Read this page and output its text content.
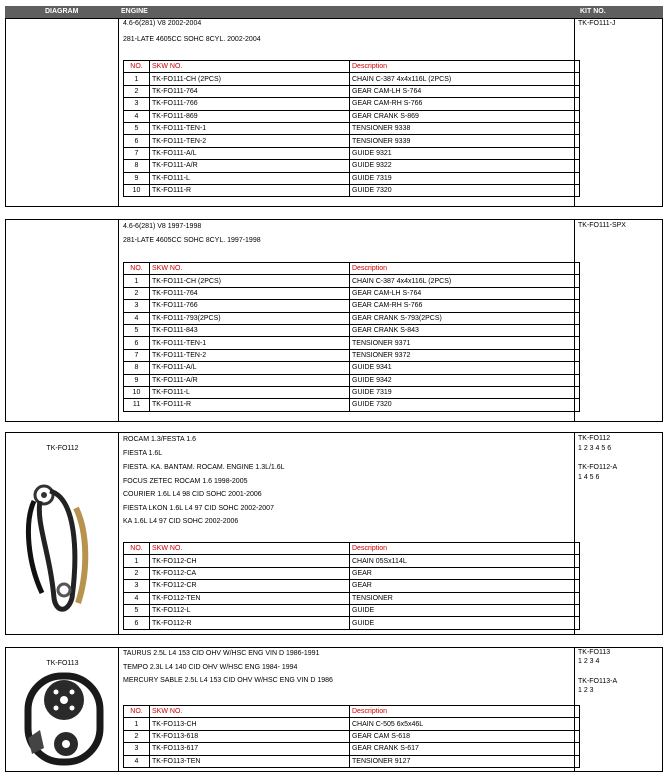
DIAGRAM	ENGINE	KIT NO.
TK-FO111-J
4.6-6(281) V8 2002-2004
281-LATE 4605CC SOHC 8CYL. 2002-2004
NO.	SKW NO.	Description
1	TK-FO111-CH (2PCS)	CHAIN C-387 4x4x116L (2PCS)
2	TK-FO111-764	GEAR CAM-LH S-764
3	TK-FO111-766	GEAR CAM-RH S-766
4	TK-FO111-869	GEAR CRANK S-869
5	TK-FO111-TEN-1	TENSIONER 9338
6	TK-FO111-TEN-2	TENSIONER 9339
7	TK-FO111-A/L	GUIDE 9321
8	TK-FO111-A/R	GUIDE 9322
9	TK-FO111-L	GUIDE 7319
10	TK-FO111-R	GUIDE 7320
TK-FO111-SPX
4.6-6(281) V8 1997-1998
281-LATE 4605CC SOHC 8CYL. 1997-1998
NO.	SKW NO.	Description
1	TK-FO111-CH (2PCS)	CHAIN C-387 4x4x116L (2PCS)
2	TK-FO111-764	GEAR CAM-LH S-764
3	TK-FO111-766	GEAR CAM-RH S-766
4	TK-FO111-793(2PCS)	GEAR CRANK S-793(2PCS)
5	TK-FO111-843	GEAR CRANK S-843
6	TK-FO111-TEN-1	TENSIONER 9371
7	TK-FO111-TEN-2	TENSIONER 9372
8	TK-FO111-A/L	GUIDE 9341
9	TK-FO111-A/R	GUIDE 9342
10	TK-FO111-L	GUIDE 7319
11	TK-FO111-R	GUIDE 7320
TK-FO112
TK-FO112
1 2 3 4 5 6
TK-FO112-A
1 4 5 6
ROCAM 1.3/FESTA 1.6
FIESTA 1.6L
FIESTA. KA. BANTAM. ROCAM. ENGINE 1.3L/1.6L
FOCUS ZETEC ROCAM 1.6 1998-2005
COURIER 1.6L L4 98 CID SOHC 2001-2006
FIESTA LKON 1.6L L4 97 CID SOHC 2002-2007
KA 1.6L L4 97 CID SOHC 2002-2006
NO.	SKW NO.	Description
1	TK-FO112-CH	CHAIN 05Sx114L
2	TK-FO112-CA	GEAR
3	TK-FO112-CR	GEAR
4	TK-FO112-TEN	TENSIONER
5	TK-FO112-L	GUIDE
6	TK-FO112-R	GUIDE
TK-FO113
TK-FO113
1 2 3 4
TK-FO113-A
1 2 3
TAURUS 2.5L L4 153 CID OHV W/HSC ENG VIN D 1986-1991
TEMPO 2.3L L4 140 CID OHV W/HSC ENG 1984- 1994
MERCURY SABLE 2.5L L4 153 CID OHV W/HSC ENG VIN D 1986
NO.	SKW NO.	Description
1	TK-FO113-CH	CHAIN C-505 6x5x46L
2	TK-FO113-618	GEAR CAM S-618
3	TK-FO113-617	GEAR CRANK S-617
4	TK-FO113-TEN	TENSIONER 9127
